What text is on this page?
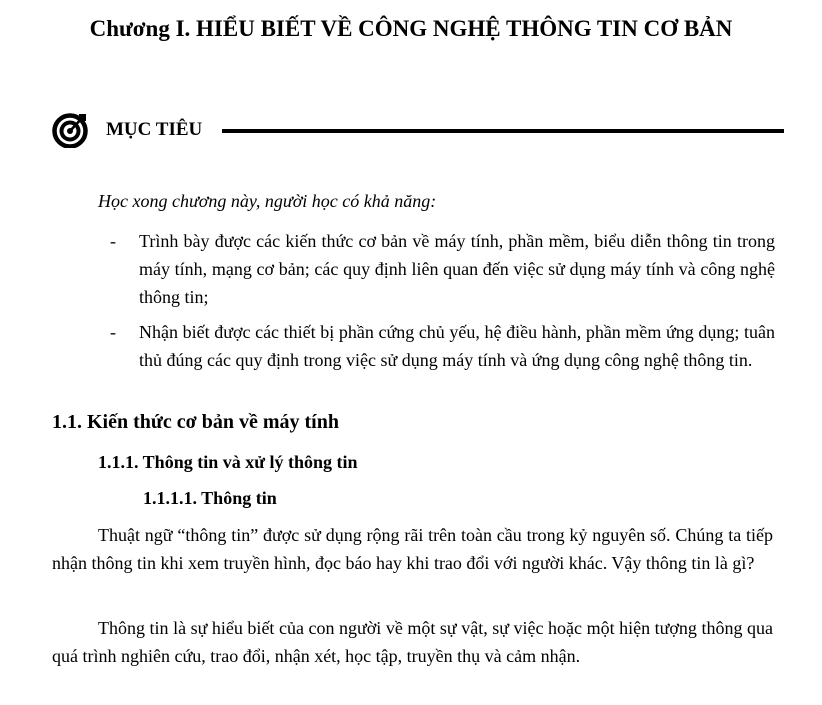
Chương I. HIỂU BIẾT VỀ CÔNG NGHỆ THÔNG TIN CƠ BẢN
MỤC TIÊU
Học xong chương này, người học có khả năng:
- Trình bày được các kiến thức cơ bản về máy tính, phần mềm, biểu diễn thông tin trong máy tính, mạng cơ bản; các quy định liên quan đến việc sử dụng máy tính và công nghệ thông tin;
- Nhận biết được các thiết bị phần cứng chủ yếu, hệ điều hành, phần mềm ứng dụng; tuân thủ đúng các quy định trong việc sử dụng máy tính và ứng dụng công nghệ thông tin.
1.1. Kiến thức cơ bản về máy tính
1.1.1. Thông tin và xử lý thông tin
1.1.1.1. Thông tin

Thuật ngữ “thông tin” được sử dụng rộng rãi trên toàn cầu trong kỷ nguyên số. Chúng ta tiếp nhận thông tin khi xem truyền hình, đọc báo hay khi trao đổi với người khác. Vậy thông tin là gì?

Thông tin là sự hiểu biết của con người về một sự vật, sự việc hoặc một hiện tượng thông qua quá trình nghiên cứu, trao đổi, nhận xét, học tập, truyền thụ và cảm nhận.
